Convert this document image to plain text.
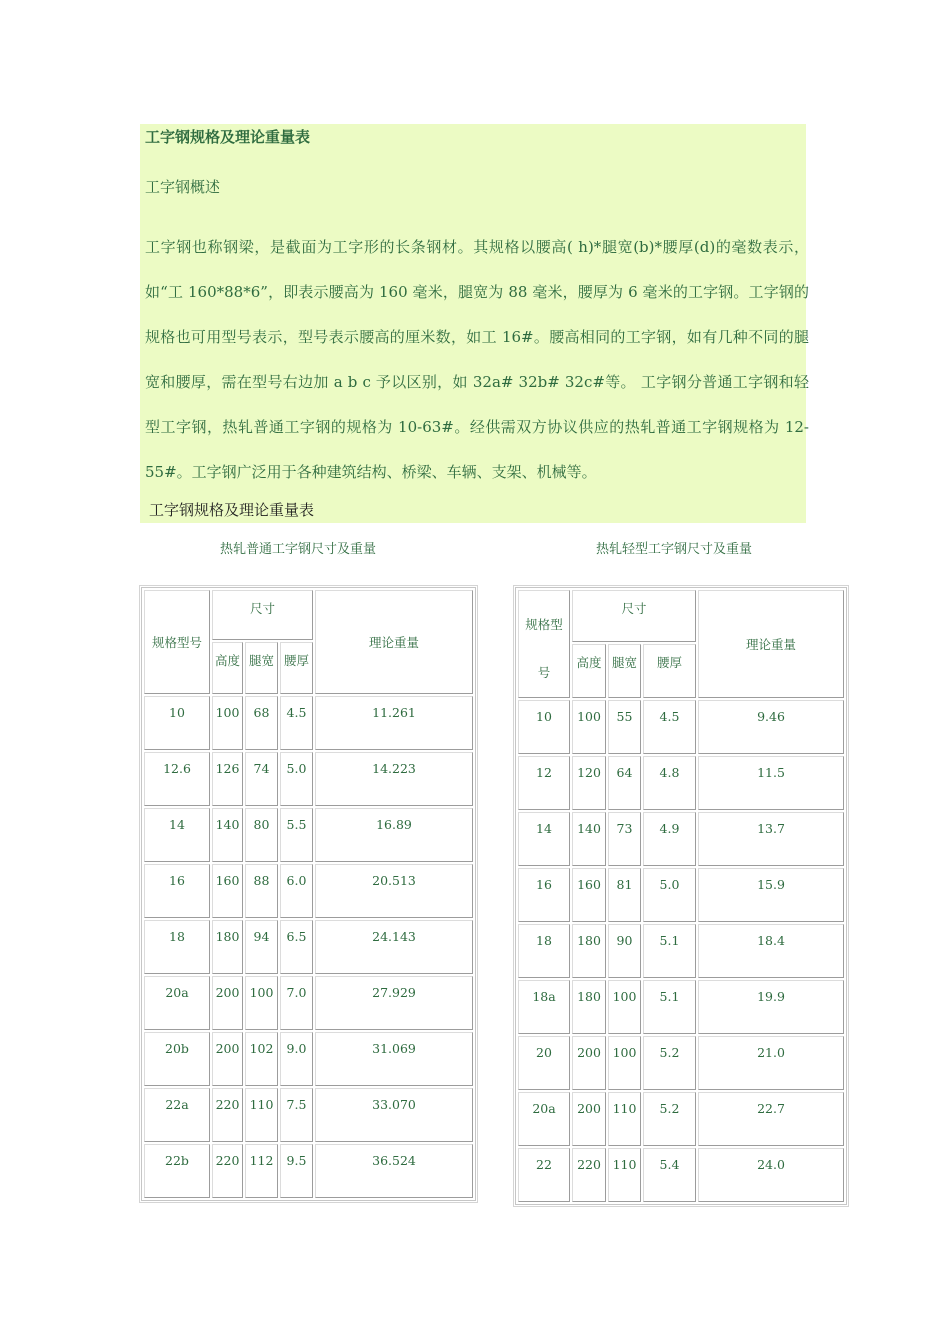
工字钢规格及理论重量表
工字钢概述
工字钢也称钢梁，是截面为工字形的长条钢材。其规格以腰高( h)*腿宽(b)*腰厚(d)的毫数表示，如“工 160*88*6”，即表示腰高为 160 毫米，腿宽为 88 毫米，腰厚为 6 毫米的工字钢。工字钢的规格也可用型号表示，型号表示腰高的厘米数，如工 16#。腰高相同的工字钢，如有几种不同的腿宽和腰厚，需在型号右边加 a b c 予以区别，如 32a# 32b# 32c#等。 工字钢分普通工字钢和轻型工字钢，热轧普通工字钢的规格为 10-63#。经供需双方协议供应的热轧普通工字钢规格为 12-55#。工字钢广泛用于各种建筑结构、桥梁、车辆、支架、机械等。
工字钢规格及理论重量表
热轧普通工字钢尺寸及重量	热轧轻型工字钢尺寸及重量
规格型号	尺寸			理论重量
	高度	腿宽	腰厚	
10	100	68	4.5	11.261
12.6	126	74	5.0	14.223
14	140	80	5.5	16.89
16	160	88	6.0	20.513
18	180	94	6.5	24.143
20a	200	100	7.0	27.929
20b	200	102	9.0	31.069
22a	220	110	7.5	33.070
22b	220	112	9.5	36.524
规格型
号	尺寸			理论重量
	高度	腿宽	腰厚	
10	100	55	4.5	9.46
12	120	64	4.8	11.5
14	140	73	4.9	13.7
16	160	81	5.0	15.9
18	180	90	5.1	18.4
18a	180	100	5.1	19.9
20	200	100	5.2	21.0
20a	200	110	5.2	22.7
22	220	110	5.4	24.0
